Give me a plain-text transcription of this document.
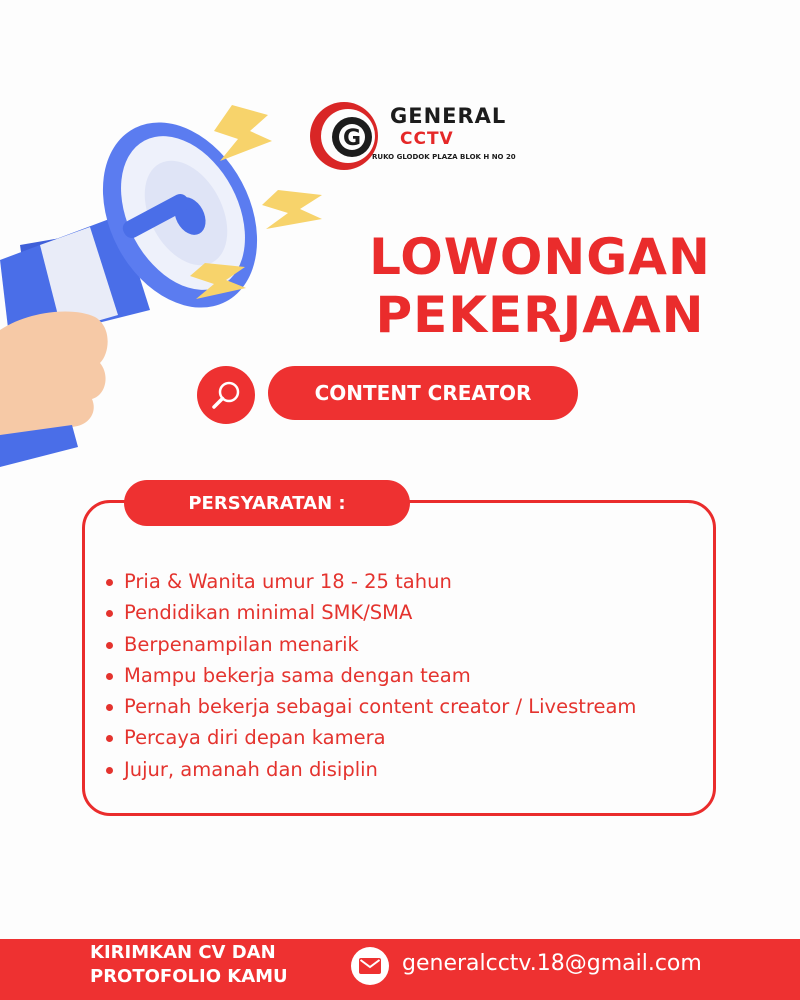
G
GENERAL
CCTV
RUKO GLODOK PLAZA BLOK H NO 20
LOWONGAN
PEKERJAAN
CONTENT CREATOR
PERSYARATAN :
Pria & Wanita umur 18 - 25 tahun
Pendidikan minimal SMK/SMA
Berpenampilan menarik
Mampu bekerja sama dengan team
Pernah bekerja sebagai content creator / Livestream
Percaya diri depan kamera
Jujur, amanah dan disiplin
KIRIMKAN CV DAN
PROTOFOLIO KAMU
generalcctv.18@gmail.com
